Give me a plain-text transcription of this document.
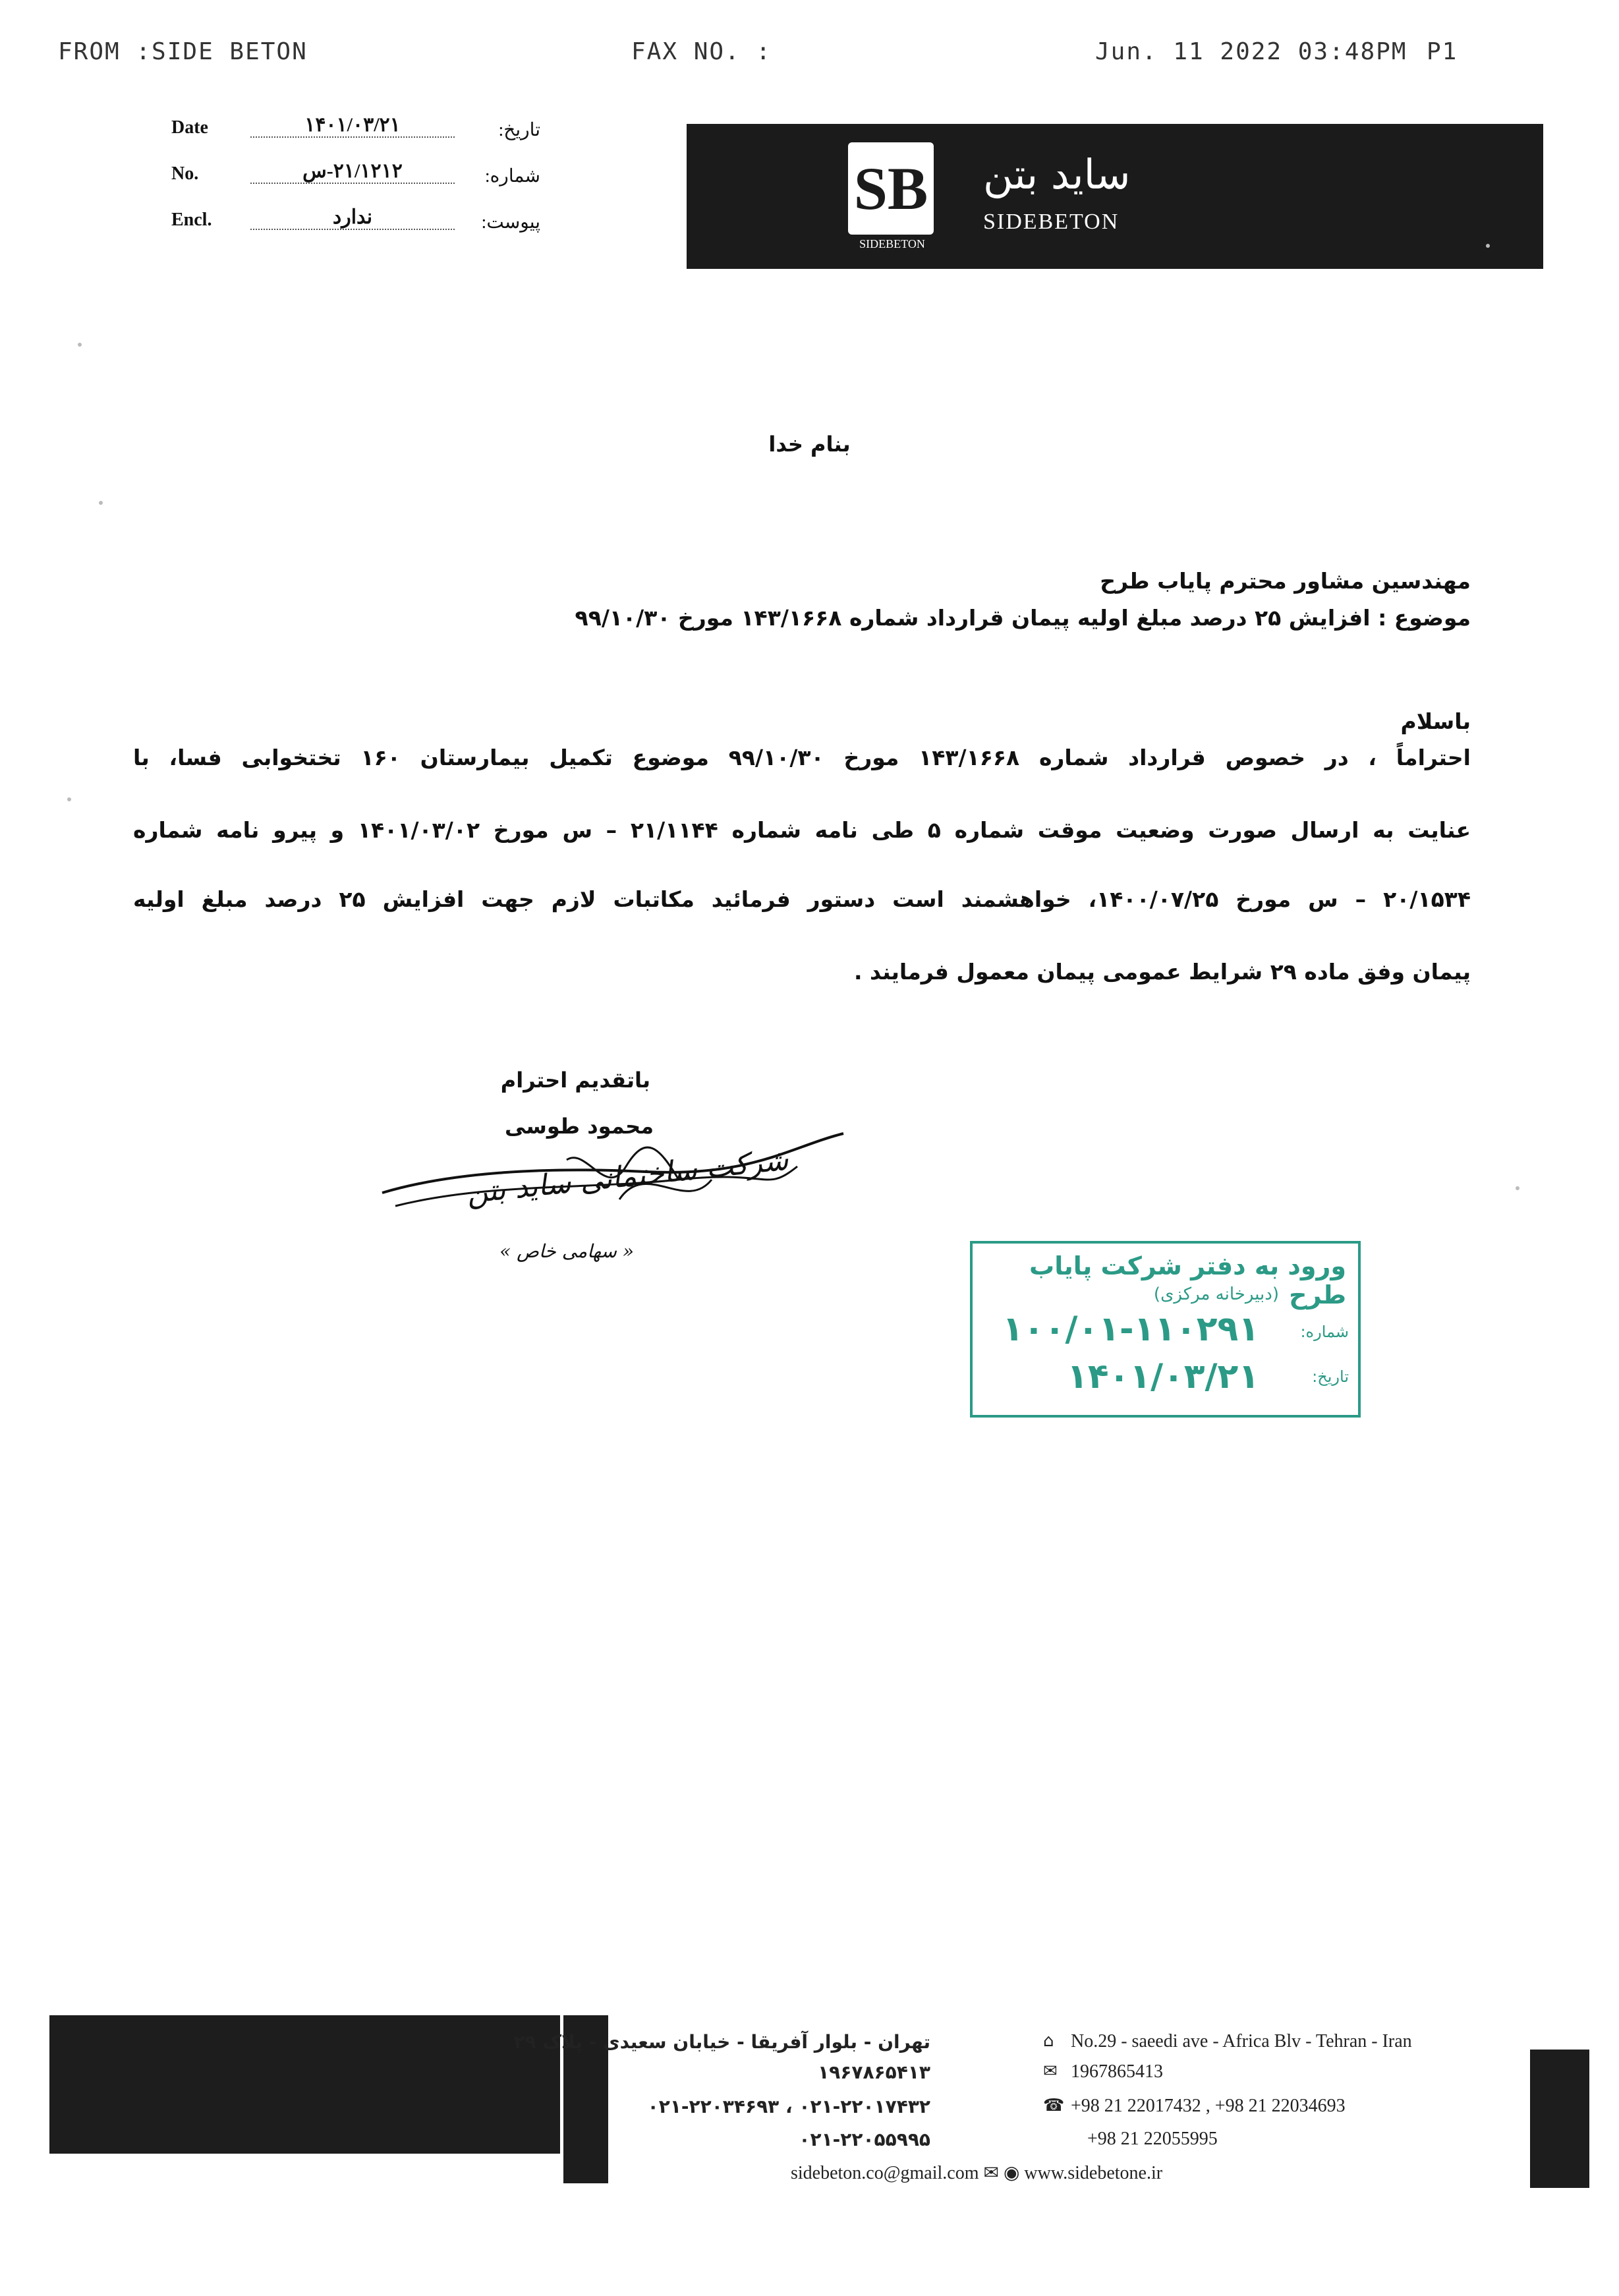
FROM :SIDE BETON	FAX NO. :	Jun. 11 2022 03:48PM P1
Date	۱۴۰۱/۰۳/۲۱	تاریخ:
No.	۲۱/۱۲۱۲-س	شماره:
Encl.	ندارد	پیوست:
SB
SIDEBETON
ساید بتن
SIDEBETON
بنام خدا
مهندسین مشاور محترم پایاب طرح
موضوع : افزایش ۲۵ درصد مبلغ اولیه پیمان قرارداد شماره ۱۴۳/۱۶۶۸ مورخ ۹۹/۱۰/۳۰
باسلام
احتراماً ، در خصوص قرارداد شماره ۱۴۳/۱۶۶۸ مورخ ۹۹/۱۰/۳۰ موضوع تکمیل بیمارستان ۱۶۰ تختخوابی فسا، با
عنایت به ارسال صورت وضعیت موقت شماره ۵ طی نامه شماره ۲۱/۱۱۴۴ – س مورخ ۱۴۰۱/۰۳/۰۲ و پیرو نامه شماره
۲۰/۱۵۳۴ – س مورخ ۱۴۰۰/۰۷/۲۵، خواهشمند است دستور فرمائید مکاتبات لازم جهت افزایش ۲۵ درصد مبلغ اولیه
پیمان وفق ماده ۲۹ شرایط عمومی پیمان معمول فرمایند .
باتقدیم احترام
محمود طوسی
شرکت ساختمانی ساید بتن
« سهامی خاص »
ورود به دفتر شرکت پایاب طرح
(دبیرخانه مرکزی)
شماره:
۱۰۰/۰۱-۱۱۰۲۹۱
تاریخ:
۱۴۰۱/۰۳/۲۱
تهران - بلوار آفریقا - خیابان سعیدی - پلاک ۲۹	⌂ No.29 - saeedi ave - Africa Blv - Tehran - Iran
۱۹۶۷۸۶۵۴۱۳	✉ 1967865413
۰۲۱-۲۲۰۱۷۴۳۲ ، ۰۲۱-۲۲۰۳۴۶۹۳	☎ +98 21 22017432 , +98 21 22034693
۰۲۱-۲۲۰۵۵۹۹۵	+98 21 22055995
sidebeton.co@gmail.com ✉ ◉ www.sidebetone.ir
